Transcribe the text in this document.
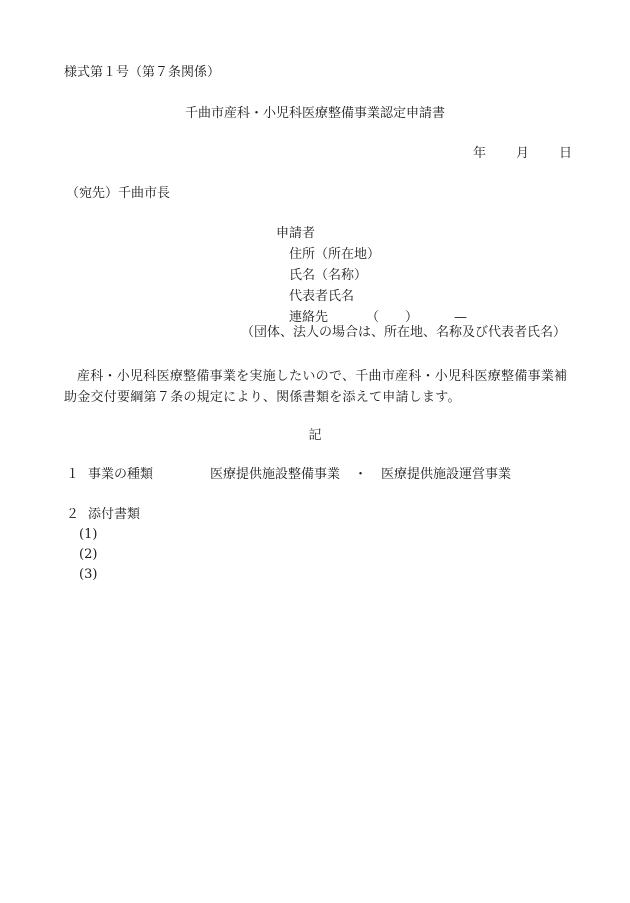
様式第１号（第７条関係）
千曲市産科・小児科医療整備事業認定申請書
年 月 日
（宛先）千曲市長
申請者
住所（所在地）
氏名（名称）
代表者氏名
連絡先	（ ）	—
（団体、法人の場合は、所在地、名称及び代表者氏名）
産科・小児科医療整備事業を実施したいので、千曲市産科・小児科医療整備事業補助金交付要綱第７条の規定により、関係書類を添えて申請します。
記
１ 事業の種類	医療提供施設整備事業 ・ 医療提供施設運営事業
２ 添付書類
(1)
(2)
(3)
